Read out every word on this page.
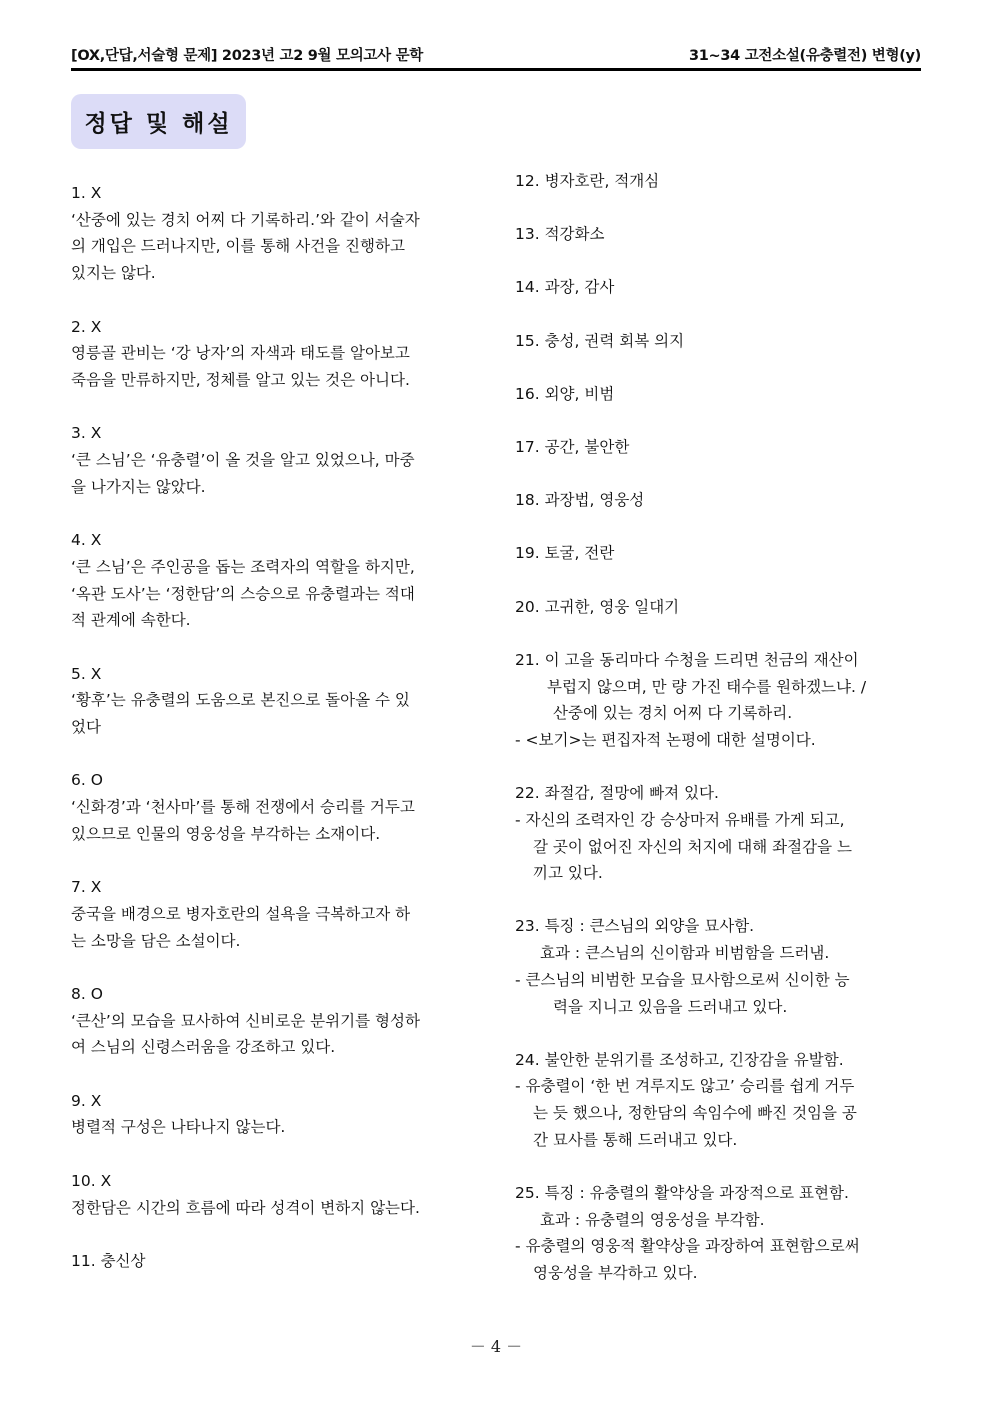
[OX,단답,서술형 문제] 2023년 고2 9월 모의고사 문학	31~34 고전소설(유충렬전) 변형(y)
정답 및 해설
1. X
‘산중에 있는 경치 어찌 다 기록하리.’와 같이 서술자
의 개입은 드러나지만, 이를 통해 사건을 진행하고
있지는 않다.
2. X
영릉골 관비는 ‘강 낭자’의 자색과 태도를 알아보고
죽음을 만류하지만, 정체를 알고 있는 것은 아니다.
3. X
‘큰 스님’은 ‘유충렬’이 올 것을 알고 있었으나, 마중
을 나가지는 않았다.
4. X
‘큰 스님’은 주인공을 돕는 조력자의 역할을 하지만,
‘옥관 도사’는 ‘정한담’의 스승으로 유충렬과는 적대
적 관계에 속한다.
5. X
‘황후’는 유충렬의 도움으로 본진으로 돌아올 수 있
었다
6. O
‘신화경’과 ‘천사마’를 통해 전쟁에서 승리를 거두고
있으므로 인물의 영웅성을 부각하는 소재이다.
7. X
중국을 배경으로 병자호란의 설욕을 극복하고자 하
는 소망을 담은 소설이다.
8. O
‘큰산’의 모습을 묘사하여 신비로운 분위기를 형성하
여 스님의 신령스러움을 강조하고 있다.
9. X
병렬적 구성은 나타나지 않는다.
10. X
정한담은 시간의 흐름에 따라 성격이 변하지 않는다.
11. 충신상
12. 병자호란, 적개심
13. 적강화소
14. 과장, 감사
15. 충성, 권력 회복 의지
16. 외양, 비범
17. 공간, 불안한
18. 과장법, 영웅성
19. 토굴, 전란
20. 고귀한, 영웅 일대기
21. 이 고을 동리마다 수청을 드리면 천금의 재산이
부럽지 않으며, 만 량 가진 태수를 원하겠느냐. /
산중에 있는 경치 어찌 다 기록하리.
- <보기>는 편집자적 논평에 대한 설명이다.
22. 좌절감, 절망에 빠져 있다.
- 자신의 조력자인 강 승상마저 유배를 가게 되고,
갈 곳이 없어진 자신의 처지에 대해 좌절감을 느
끼고 있다.
23. 특징 : 큰스님의 외양을 묘사함.
효과 : 큰스님의 신이함과 비범함을 드러냄.
- 큰스님의 비범한 모습을 묘사함으로써 신이한 능
력을 지니고 있음을 드러내고 있다.
24. 불안한 분위기를 조성하고, 긴장감을 유발함.
- 유충렬이 ‘한 번 겨루지도 않고’ 승리를 쉽게 거두
는 듯 했으나, 정한담의 속임수에 빠진 것임을 공
간 묘사를 통해 드러내고 있다.
25. 특징 : 유충렬의 활약상을 과장적으로 표현함.
효과 : 유충렬의 영웅성을 부각함.
- 유충렬의 영웅적 활약상을 과장하여 표현함으로써
영웅성을 부각하고 있다.
－ 4 －
